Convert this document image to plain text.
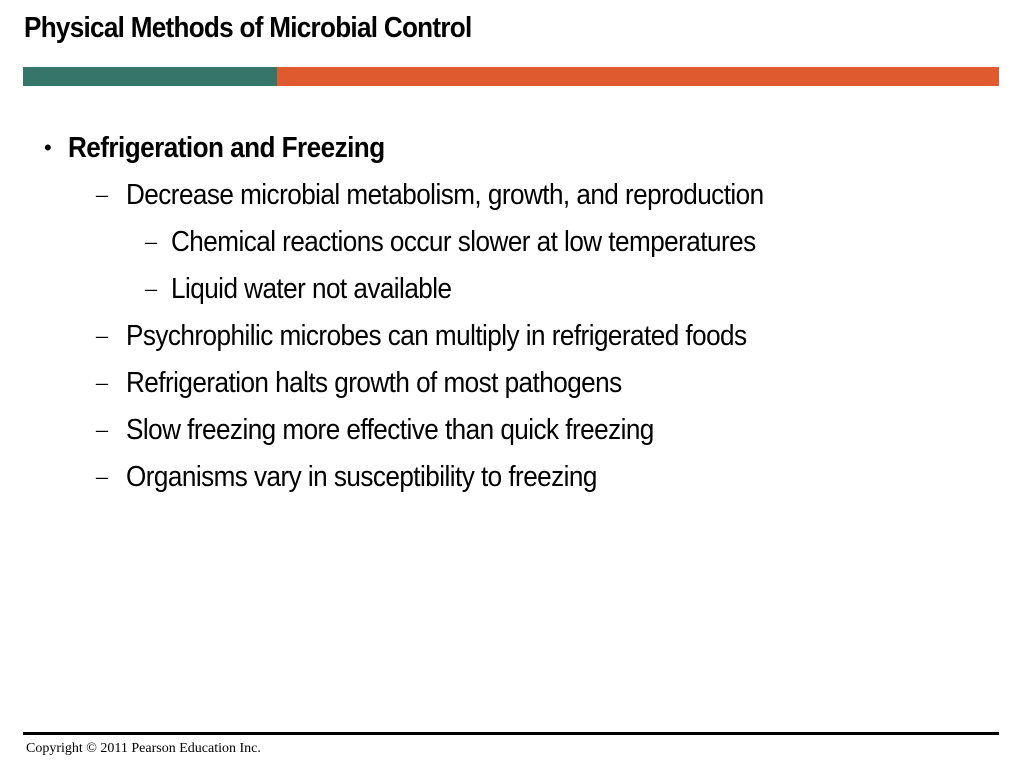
Physical Methods of Microbial Control
• Refrigeration and Freezing
– Decrease microbial metabolism, growth, and reproduction
– Chemical reactions occur slower at low temperatures
– Liquid water not available
– Psychrophilic microbes can multiply in refrigerated foods
– Refrigeration halts growth of most pathogens
– Slow freezing more effective than quick freezing
– Organisms vary in susceptibility to freezing
Copyright © 2011 Pearson Education Inc.
